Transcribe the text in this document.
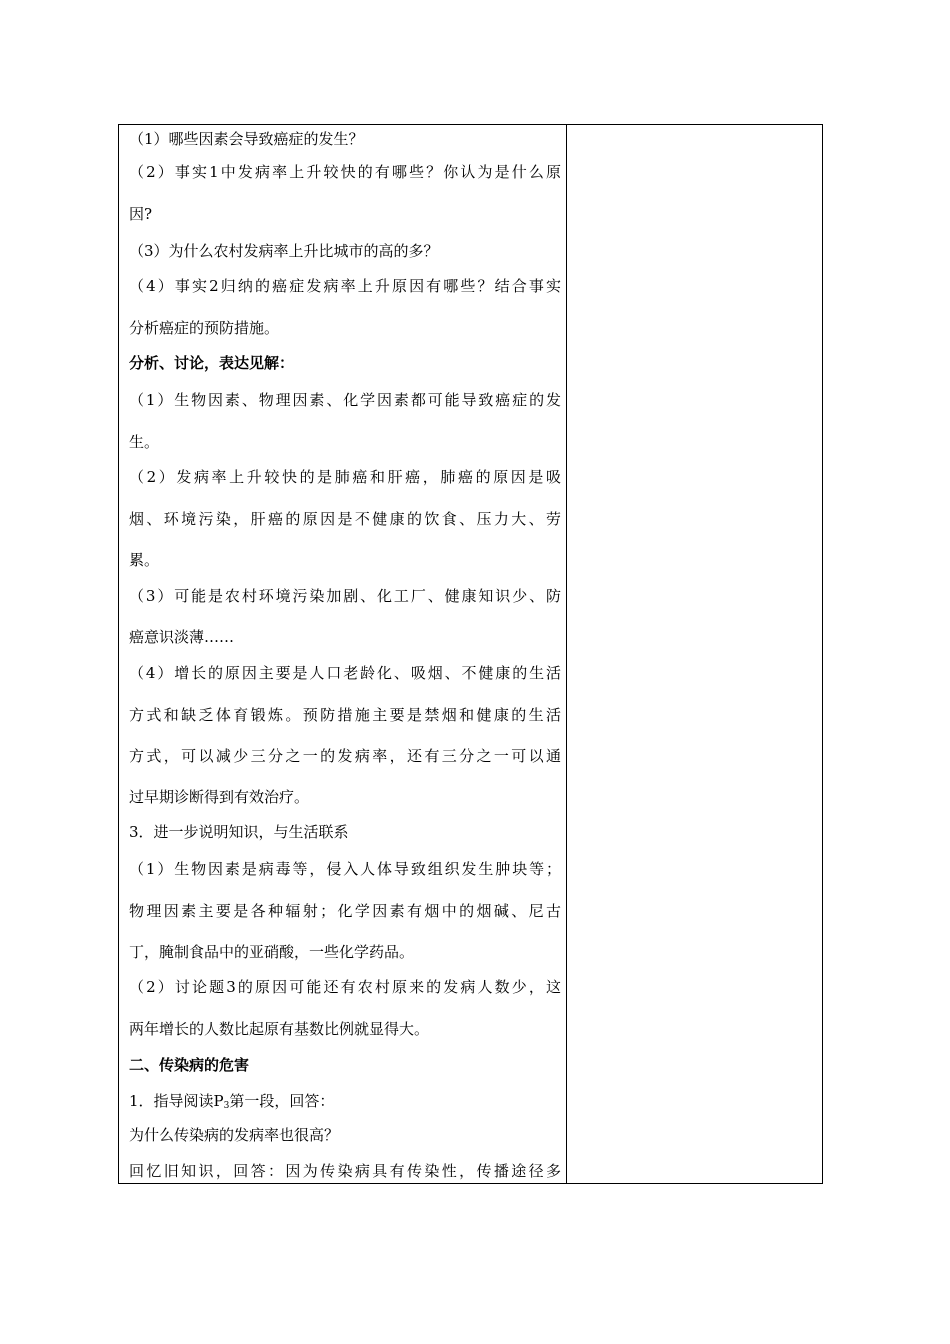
（1）哪些因素会导致癌症的发生？
（2）事实1中发病率上升较快的有哪些？你认为是什么原
因?
（3）为什么农村发病率上升比城市的高的多？
（4）事实2归纳的癌症发病率上升原因有哪些？结合事实
分析癌症的预防措施。
分析、讨论，表达见解：
（1）生物因素、物理因素、化学因素都可能导致癌症的发
生。
（2）发病率上升较快的是肺癌和肝癌，肺癌的原因是吸
烟、环境污染，肝癌的原因是不健康的饮食、压力大、劳
累。
（3）可能是农村环境污染加剧、化工厂、健康知识少、防
癌意识淡薄……
（4）增长的原因主要是人口老龄化、吸烟、不健康的生活
方式和缺乏体育锻炼。预防措施主要是禁烟和健康的生活
方式，可以减少三分之一的发病率，还有三分之一可以通
过早期诊断得到有效治疗。
3．进一步说明知识，与生活联系
（1）生物因素是病毒等，侵入人体导致组织发生肿块等；
物理因素主要是各种辐射；化学因素有烟中的烟碱、尼古
丁，腌制食品中的亚硝酸，一些化学药品。
（2）讨论题3的原因可能还有农村原来的发病人数少，这
两年增长的人数比起原有基数比例就显得大。
二、传染病的危害
1．指导阅读$P_3$第一段，回答：
为什么传染病的发病率也很高？
回忆旧知识，回答：因为传染病具有传染性，传播途径多
